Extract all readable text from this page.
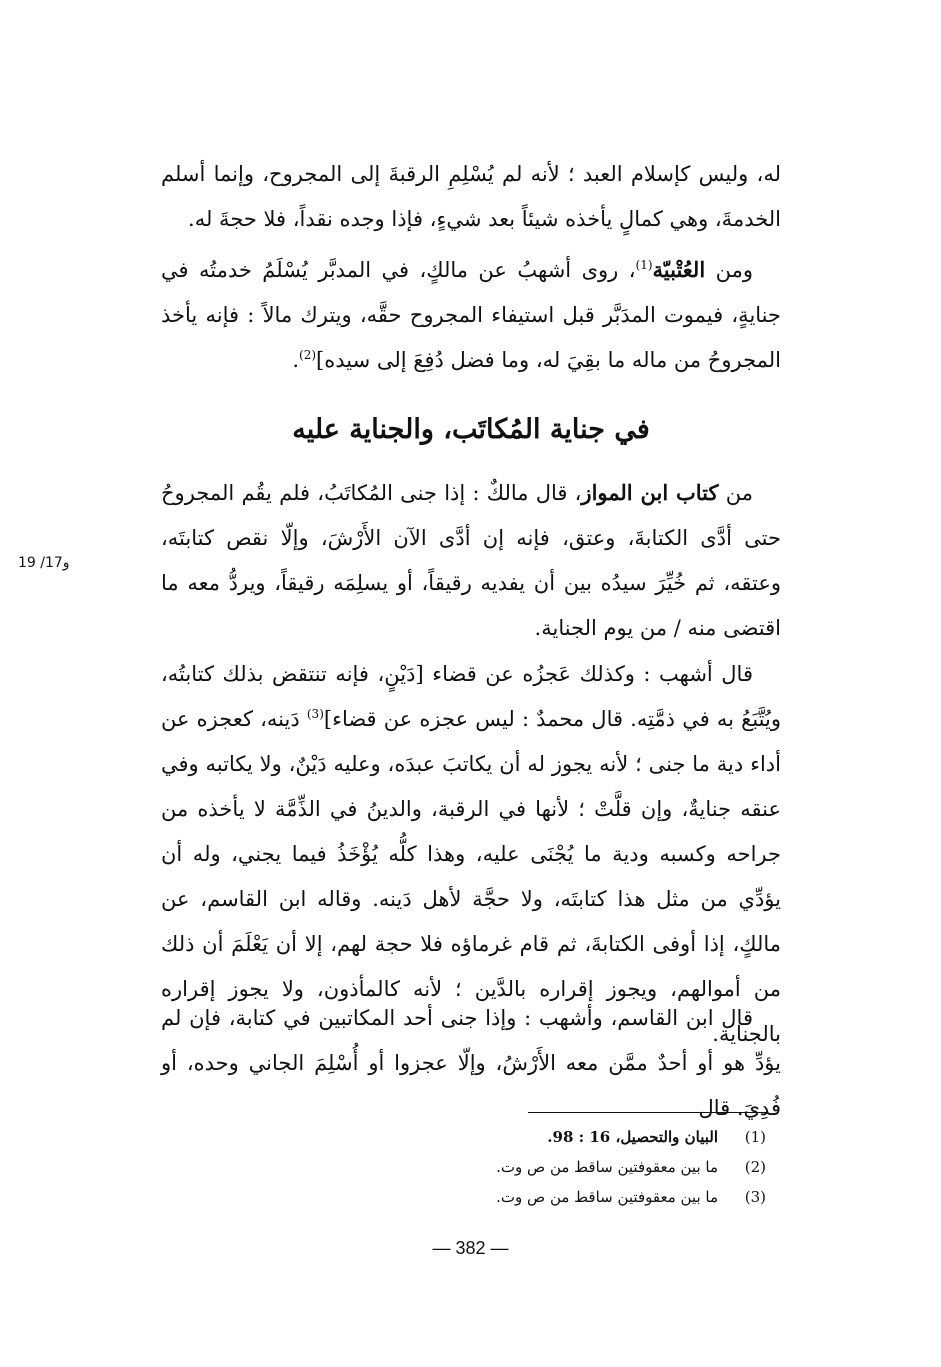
له، وليس كإسلام العبد ؛ لأنه لم يُسْلِمِ الرقبةَ إلى المجروح، وإنما أسلم الخدمةَ، وهي كمالٍ يأخذه شيئاً بعد شيءٍ، فإذا وجده نقداً، فلا حجةَ له.
ومن العُتْبيّة$^{(1)}$، روى أشهبُ عن مالكٍ، في المدبَّر يُسْلَمُ خدمتُه في جنايةٍ، فيموت المدَبَّر قبل استيفاء المجروح حقَّه، ويترك مالاً : فإنه يأخذ المجروحُ من ماله ما بقِيَ له، وما فضل دُفِعَ إلى سيده]$^{(2)}$.
في جناية المُكاتَب، والجناية عليه
من كتاب ابن المواز، قال مالكٌ : إذا جنى المُكاتَبُ، فلم يقُم المجروحُ حتى أدَّى الكتابةَ، وعتق، فإنه إن أدَّى الآن الأَرْشَ، وإلّا نقص كتابتَه، وعتقه، ثم خُيِّرَ سيدُه بين أن يفديه رقيقاً، أو يسلِمَه رقيقاً، ويردُّ معه ما اقتضى منه / من يوم الجناية.
19 /17و
قال أشهب : وكذلك عَجزُه عن قضاء [دَيْنٍ، فإنه تنتقض بذلك كتابتُه، ويُتَّبَعُ به في ذمَّتِه. قال محمدٌ : ليس عجزه عن قضاء]$^{(3)}$ دَينه، كعجزه عن أداء دية ما جنى ؛ لأنه يجوز له أن يكاتبَ عبدَه، وعليه دَيْنٌ، ولا يكاتبه وفي عنقه جنايةٌ، وإن قلَّتْ ؛ لأنها في الرقبة، والدينُ في الذِّمَّة لا يأخذه من جراحه وكسبه ودية ما يُجْنَى عليه، وهذا كلُّه يُؤْخَذُ فيما يجني، وله أن يؤدِّي من مثل هذا كتابتَه، ولا حجَّة لأهل دَينه. وقاله ابن القاسم، عن مالكٍ، إذا أوفى الكتابةَ، ثم قام غرماؤه فلا حجة لهم، إلا أن يَعْلَمَ أن ذلك من أموالهم، ويجوز إقراره بالدَّين ؛ لأنه كالمأذون، ولا يجوز إقراره بالجناية.
قال ابن القاسم، وأشهب : وإذا جنى أحد المكاتبين في كتابة، فإن لم يؤدِّ هو أو أحدٌ ممَّن معه الأَرْشُ، وإلّا عجزوا أو أُسْلِمَ الجاني وحده، أو فُدِيَ. قال
(1)البيان والتحصيل، 16 : 98.
(2)ما بين معقوفتين ساقط من ص وت.
(3)ما بين معقوفتين ساقط من ص وت.
— 382 —
